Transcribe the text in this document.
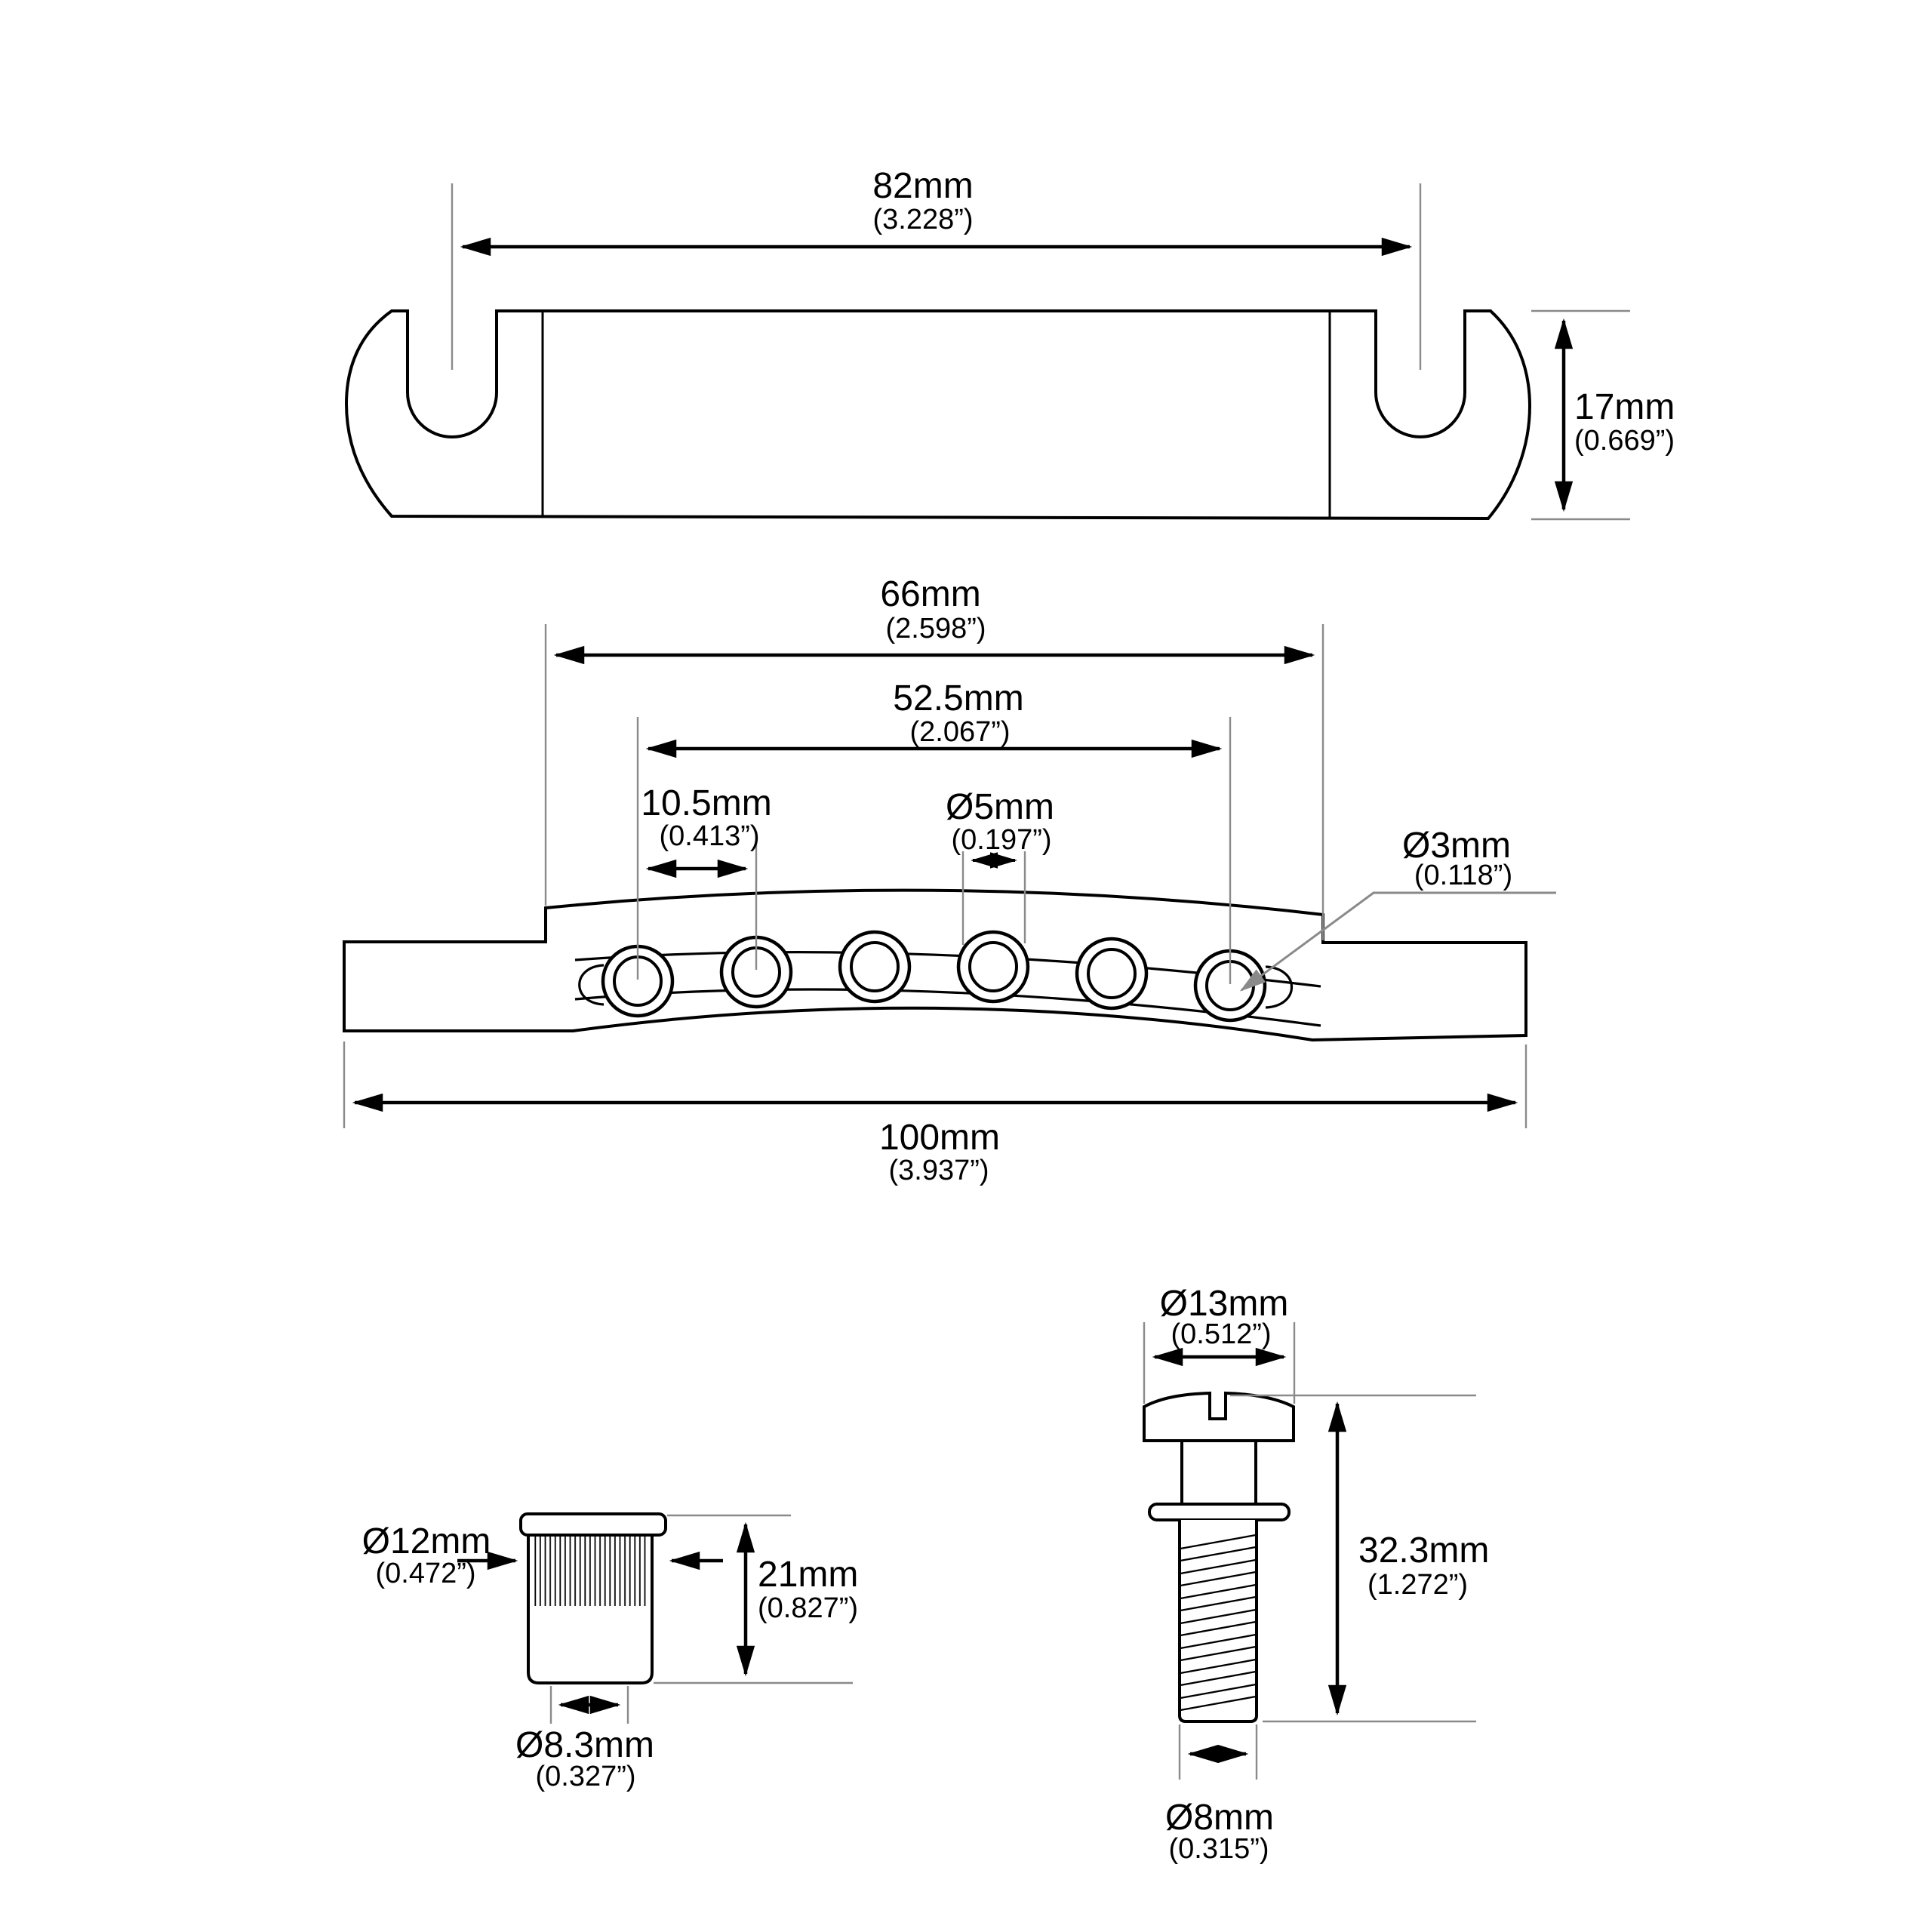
82mm
(3.228”)
17mm
(0.669”)
66mm
(2.598”)
52.5mm
(2.067”)
10.5mm
(0.413”)
Ø5mm
(0.197”)	Ø3mm
(0.118”)
100mm
(3.937”)
Ø12mm
(0.472”)	21mm
(0.827”)
Ø8.3mm
(0.327”)
Ø13mm
(0.512”)
32.3mm
(1.272”)
Ø8mm
(0.315”)
